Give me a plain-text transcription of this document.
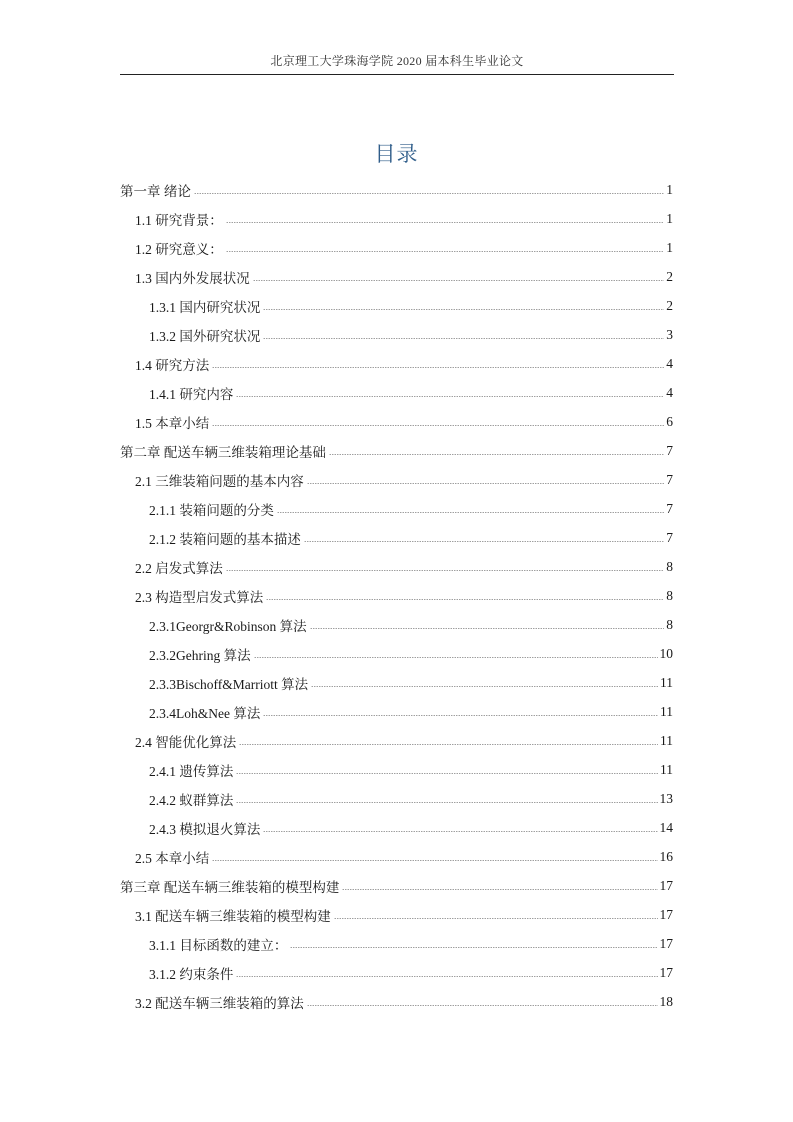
北京理工大学珠海学院 2020 届本科生毕业论文
目录
第一章 绪论	1
1.1 研究背景：	1
1.2 研究意义：	1
1.3 国内外发展状况	2
1.3.1 国内研究状况	2
1.3.2 国外研究状况	3
1.4 研究方法	4
1.4.1 研究内容	4
1.5 本章小结	6
第二章 配送车辆三维装箱理论基础	7
2.1 三维装箱问题的基本内容	7
2.1.1 装箱问题的分类	7
2.1.2 装箱问题的基本描述	7
2.2 启发式算法	8
2.3 构造型启发式算法	8
2.3.1Georgr&Robinson 算法	8
2.3.2Gehring 算法	10
2.3.3Bischoff&Marriott 算法	11
2.3.4Loh&Nee 算法	11
2.4 智能优化算法	11
2.4.1 遗传算法	11
2.4.2 蚁群算法	13
2.4.3 模拟退火算法	14
2.5 本章小结	16
第三章 配送车辆三维装箱的模型构建	17
3.1 配送车辆三维装箱的模型构建	17
3.1.1 目标函数的建立：	17
3.1.2 约束条件	17
3.2 配送车辆三维装箱的算法	18
